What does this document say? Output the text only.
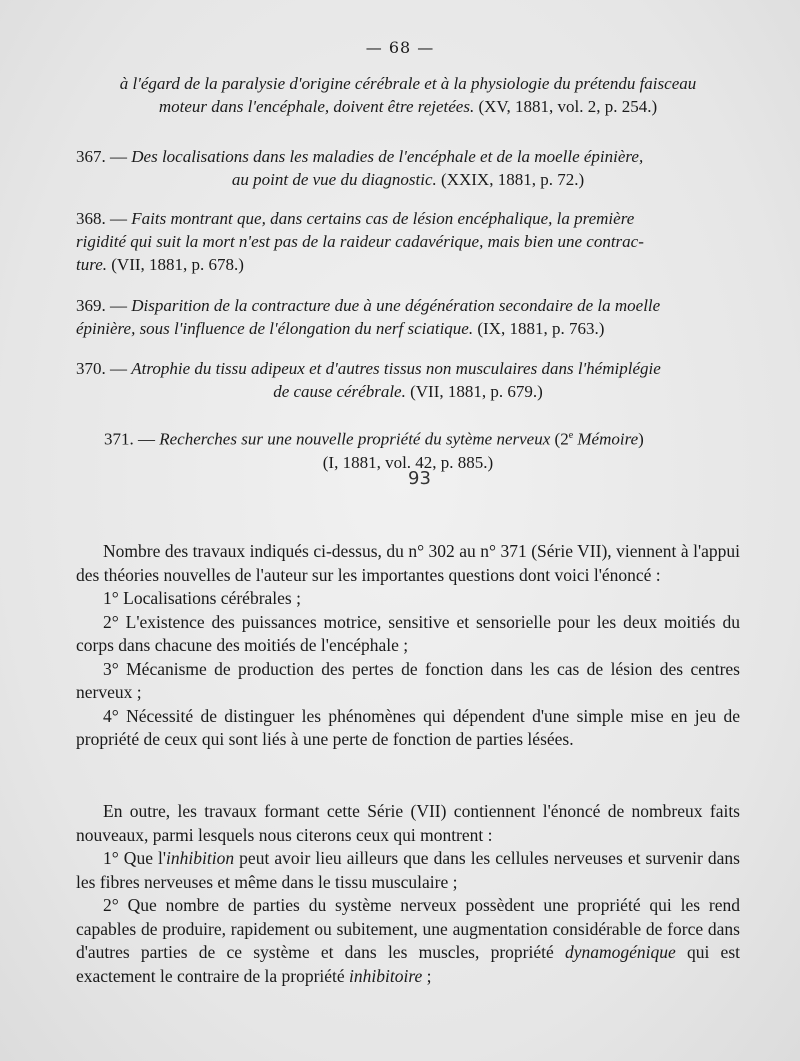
— 68 —
à l'égard de la paralysie d'origine cérébrale et à la physiologie du prétendu faisceau
moteur dans l'encéphale, doivent être rejetées. (XV, 1881, vol. 2, p. 254.)
367. — Des localisations dans les maladies de l'encéphale et de la moelle épinière,
au point de vue du diagnostic. (XXIX, 1881, p. 72.)
368. — Faits montrant que, dans certains cas de lésion encéphalique, la première
rigidité qui suit la mort n'est pas de la raideur cadavérique, mais bien une contrac-
ture. (VII, 1881, p. 678.)
369. — Disparition de la contracture due à une dégénération secondaire de la moelle
épinière, sous l'influence de l'élongation du nerf sciatique. (IX, 1881, p. 763.)
370. — Atrophie du tissu adipeux et d'autres tissus non musculaires dans l'hémiplégie
de cause cérébrale. (VII, 1881, p. 679.)
371. — Recherches sur une nouvelle propriété du sytème nerveux (2e Mémoire)
(I, 1881, vol. 42, p. 885.)
93

Nombre des travaux indiqués ci-dessus, du n° 302 au n° 371 (Série VII), viennent à l'appui des théories nouvelles de l'auteur sur les importantes questions dont voici l'énoncé :

1° Localisations cérébrales ;

2° L'existence des puissances motrice, sensitive et sensorielle pour les deux moitiés du corps dans chacune des moitiés de l'encéphale ;

3° Mécanisme de production des pertes de fonction dans les cas de lésion des centres nerveux ;

4° Nécessité de distinguer les phénomènes qui dépendent d'une simple mise en jeu de propriété de ceux qui sont liés à une perte de fonction de parties lésées.

En outre, les travaux formant cette Série (VII) contiennent l'énoncé de nombreux faits nouveaux, parmi lesquels nous citerons ceux qui montrent :

1° Que l'inhibition peut avoir lieu ailleurs que dans les cellules nerveuses et survenir dans les fibres nerveuses et même dans le tissu musculaire ;

2° Que nombre de parties du système nerveux possèdent une propriété qui les rend capables de produire, rapidement ou subitement, une augmentation considérable de force dans d'autres parties de ce système et dans les muscles, propriété dynamogénique qui est exactement le contraire de la propriété inhibitoire ;
